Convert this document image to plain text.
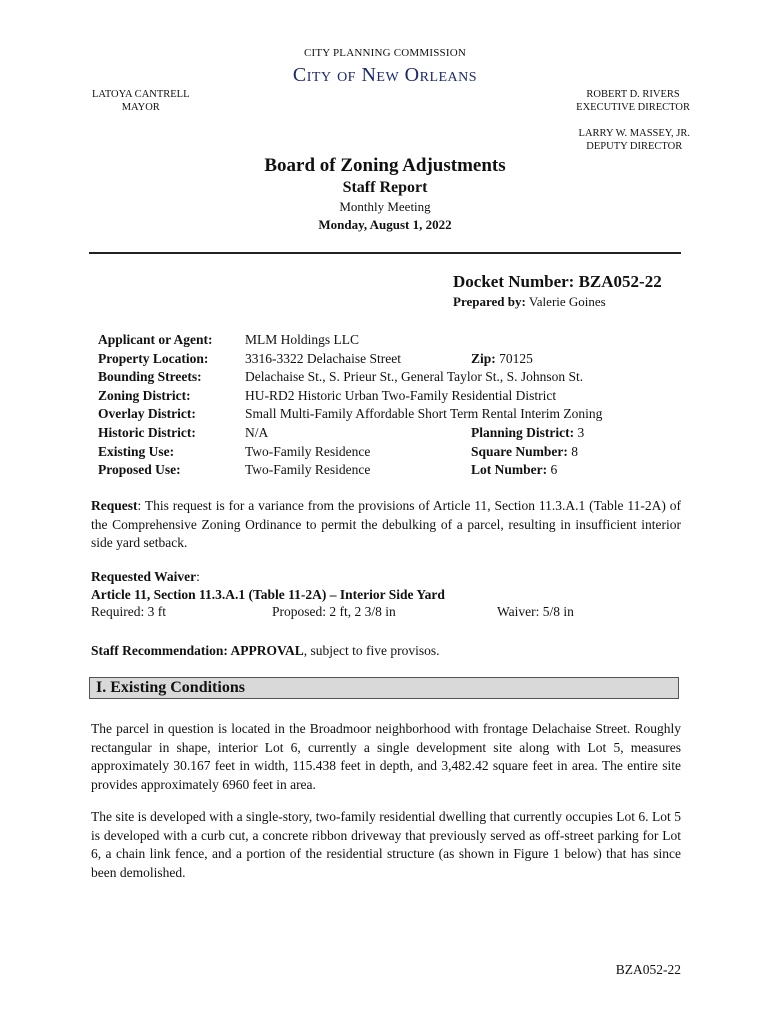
CITY PLANNING COMMISSION
City of New Orleans
LATOYA CANTRELL
MAYOR
ROBERT D. RIVERS
EXECUTIVE DIRECTOR
LARRY W. MASSEY, JR.
DEPUTY DIRECTOR
Board of Zoning Adjustments
Staff Report
Monthly Meeting
Monday, August 1, 2022
Docket Number: BZA052-22
Prepared by: Valerie Goines
Applicant or Agent: MLM Holdings LLC
Property Location:	3316-3322 Delachaise Street	Zip: 70125
Bounding Streets:	Delachaise St., S. Prieur St., General Taylor St., S. Johnson St.
Zoning District:	HU-RD2 Historic Urban Two-Family Residential District
Overlay District:	Small Multi-Family Affordable Short Term Rental Interim Zoning
Historic District:	N/A	Planning District: 3
Existing Use:	Two-Family Residence	Square Number: 8
Proposed Use:	Two-Family Residence	Lot Number: 6
Request: This request is for a variance from the provisions of Article 11, Section 11.3.A.1 (Table 11-2A) of the Comprehensive Zoning Ordinance to permit the debulking of a parcel, resulting in insufficient interior side yard setback.
Requested Waiver:
Article 11, Section 11.3.A.1 (Table 11-2A) – Interior Side Yard
Required: 3 ft	Proposed: 2 ft, 2 3/8 in	Waiver: 5/8 in
Staff Recommendation: APPROVAL, subject to five provisos.
I. Existing Conditions
The parcel in question is located in the Broadmoor neighborhood with frontage Delachaise Street. Roughly rectangular in shape, interior Lot 6, currently a single development site along with Lot 5, measures approximately 30.167 feet in width, 115.438 feet in depth, and 3,482.42 square feet in area. The entire site provides approximately 6960 feet in area.
The site is developed with a single-story, two-family residential dwelling that currently occupies Lot 6. Lot 5 is developed with a curb cut, a concrete ribbon driveway that previously served as off-street parking for Lot 6, a chain link fence, and a portion of the residential structure (as shown in Figure 1 below) that has since been demolished.
BZA052-22
